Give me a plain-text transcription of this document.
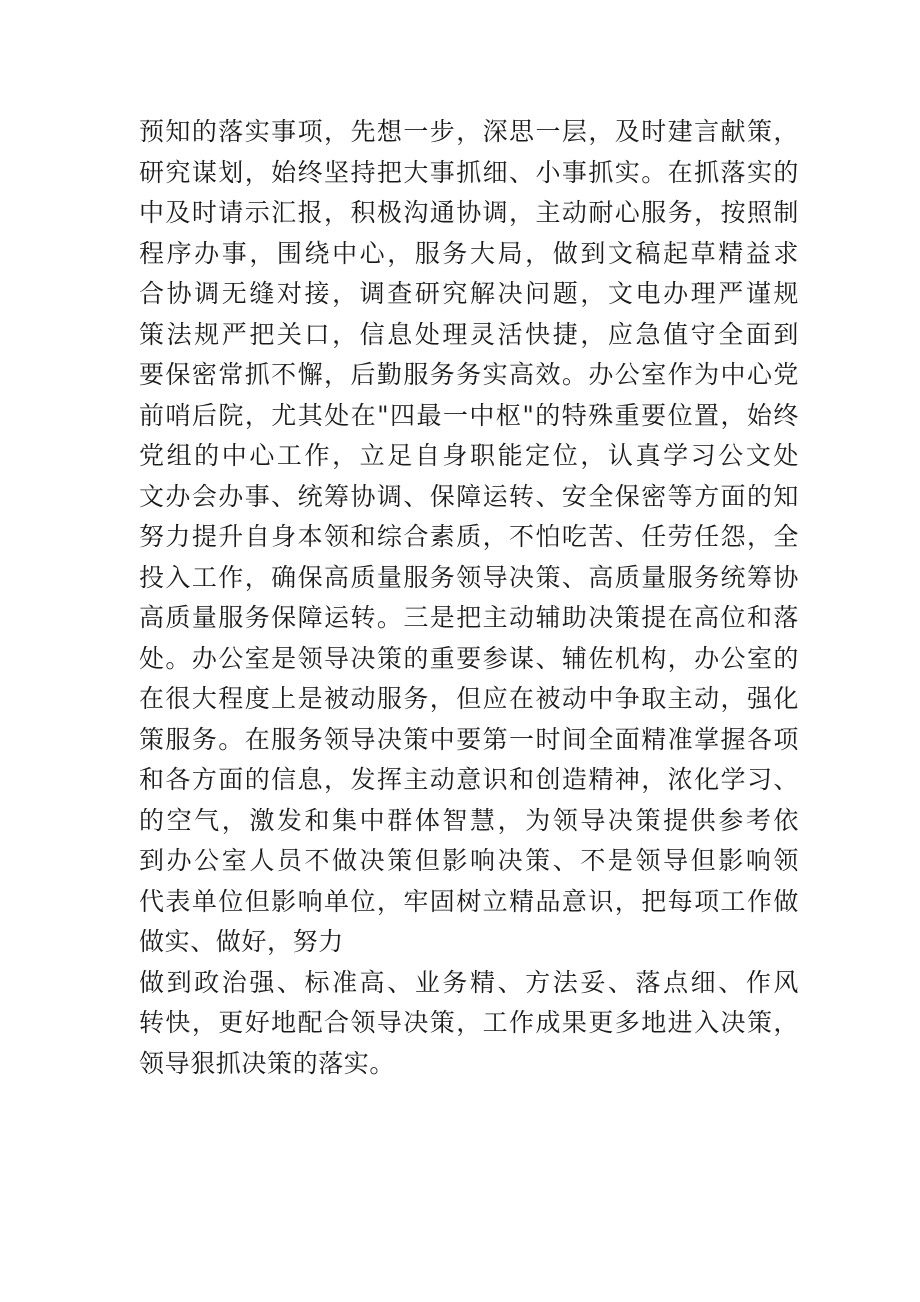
预知的落实事项，先想一步，深思一层，及时建言献策，
研究谋划，始终坚持把大事抓细、小事抓实。在抓落实的
中及时请示汇报，积极沟通协调，主动耐心服务，按照制
程序办事，围绕中心，服务大局，做到文稿起草精益求
合协调无缝对接，调查研究解决问题，文电办理严谨规
策法规严把关口，信息处理灵活快捷，应急值守全面到
要保密常抓不懈，后勤服务务实高效。办公室作为中心党
前哨后院，尤其处在"四最一中枢"的特殊重要位置，始终
党组的中心工作，立足自身职能定位，认真学习公文处
文办会办事、统筹协调、保障运转、安全保密等方面的知
努力提升自身本领和综合素质，不怕吃苦、任劳任怨，全
投入工作，确保高质量服务领导决策、高质量服务统筹协
高质量服务保障运转。三是把主动辅助决策提在高位和落
处。办公室是领导决策的重要参谋、辅佐机构，办公室的
在很大程度上是被动服务，但应在被动中争取主动，强化
策服务。在服务领导决策中要第一时间全面精准掌握各项
和各方面的信息，发挥主动意识和创造精神，浓化学习、
的空气，激发和集中群体智慧，为领导决策提供参考依
到办公室人员不做决策但影响决策、不是领导但影响领
代表单位但影响单位，牢固树立精品意识，把每项工作做
做实、做好，努力
做到政治强、标准高、业务精、方法妥、落点细、作风
转快，更好地配合领导决策，工作成果更多地进入决策，
领导狠抓决策的落实。
